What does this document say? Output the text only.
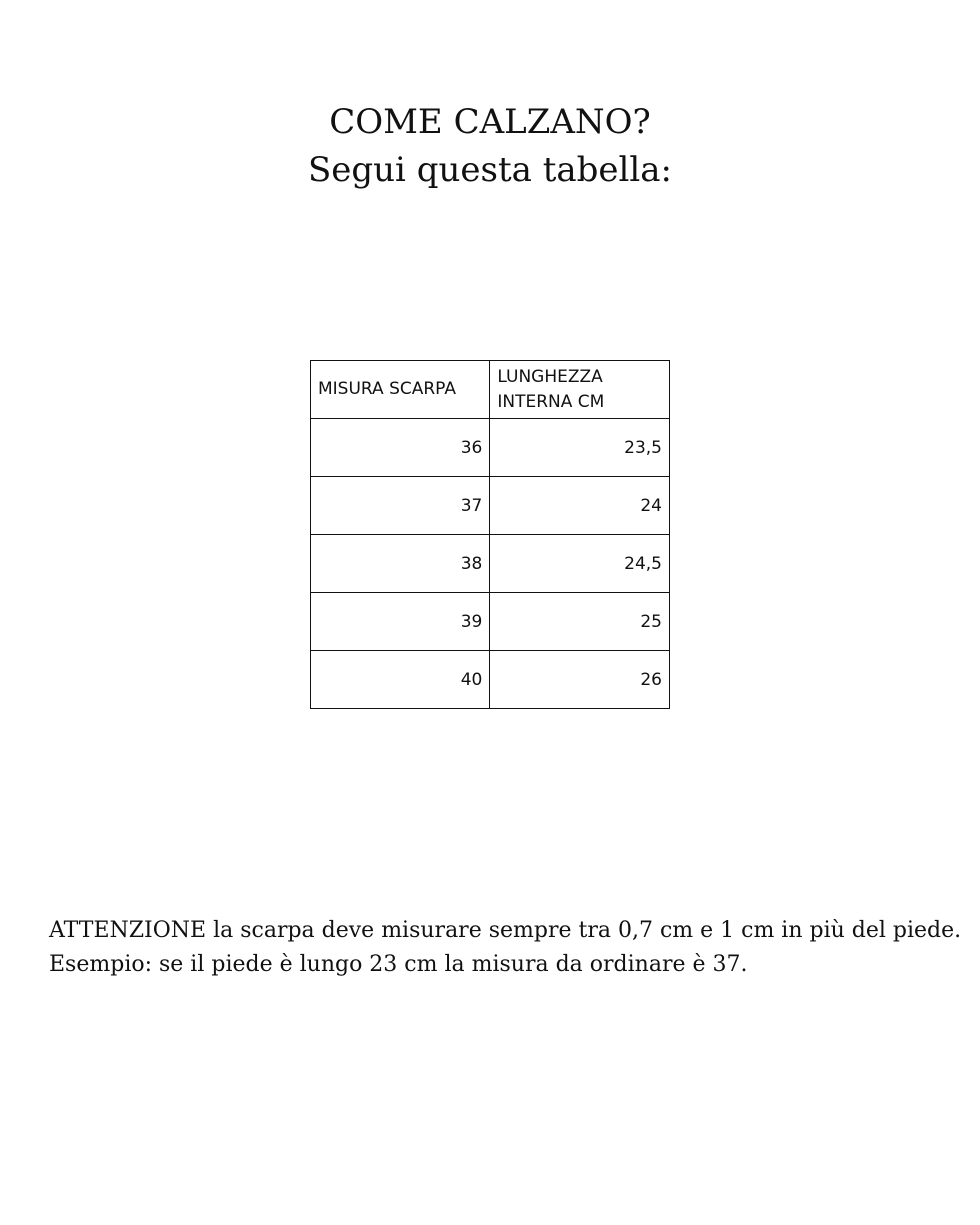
COME CALZANO?
Segui questa tabella:
MISURA SCARPA	LUNGHEZZA
INTERNA CM

36	23,5
37	24
38	24,5
39	25
40	26
ATTENZIONE la scarpa deve misurare sempre tra 0,7 cm e 1 cm in più del piede.
Esempio: se il piede è lungo 23 cm la misura da ordinare è 37.
